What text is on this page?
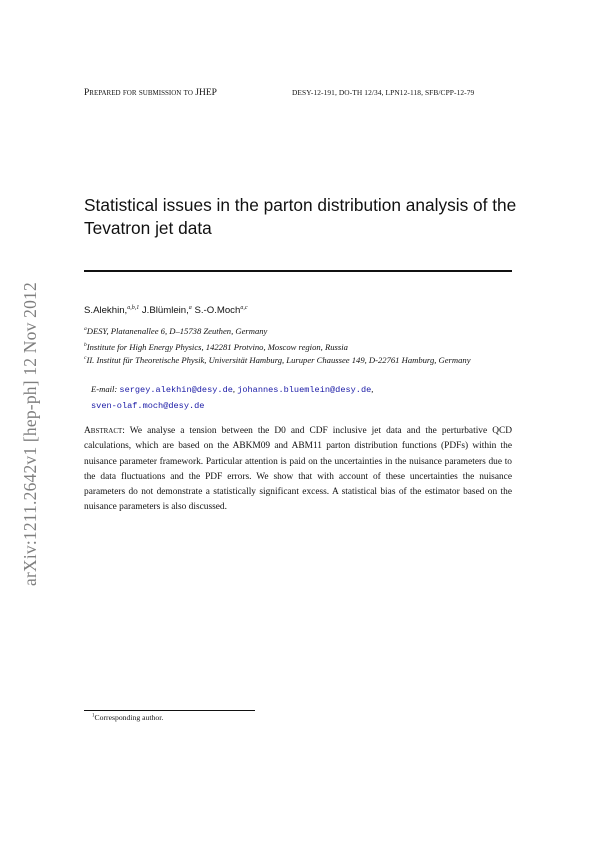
arXiv:1211.2642v1 [hep-ph] 12 Nov 2012
Prepared for submission to JHEP	DESY-12-191, DO-TH 12/34, LPN12-118, SFB/CPP-12-79
Statistical issues in the parton distribution analysis of the Tevatron jet data
S.Alekhin,$^{a,b,1}$ J.Blümlein,$^a$ S.-O.Moch$^{a,c}$
$^a$DESY, Platanenallee 6, D–15738 Zeuthen, Germany
$^b$Institute for High Energy Physics, 142281 Protvino, Moscow region, Russia
$^c$II. Institut für Theoretische Physik, Universität Hamburg, Luruper Chaussee 149, D-22761 Hamburg, Germany
E-mail: sergey.alekhin@desy.de, johannes.bluemlein@desy.de,
sven-olaf.moch@desy.de
Abstract: We analyse a tension between the D0 and CDF inclusive jet data and the perturbative QCD calculations, which are based on the ABKM09 and ABM11 parton distribution functions (PDFs) within the nuisance parameter framework. Particular attention is paid on the uncertainties in the nuisance parameters due to the data fluctuations and the PDF errors. We show that with account of these uncertainties the nuisance parameters do not demonstrate a statistically significant excess. A statistical bias of the estimator based on the nuisance parameters is also discussed.
$^1$Corresponding author.
